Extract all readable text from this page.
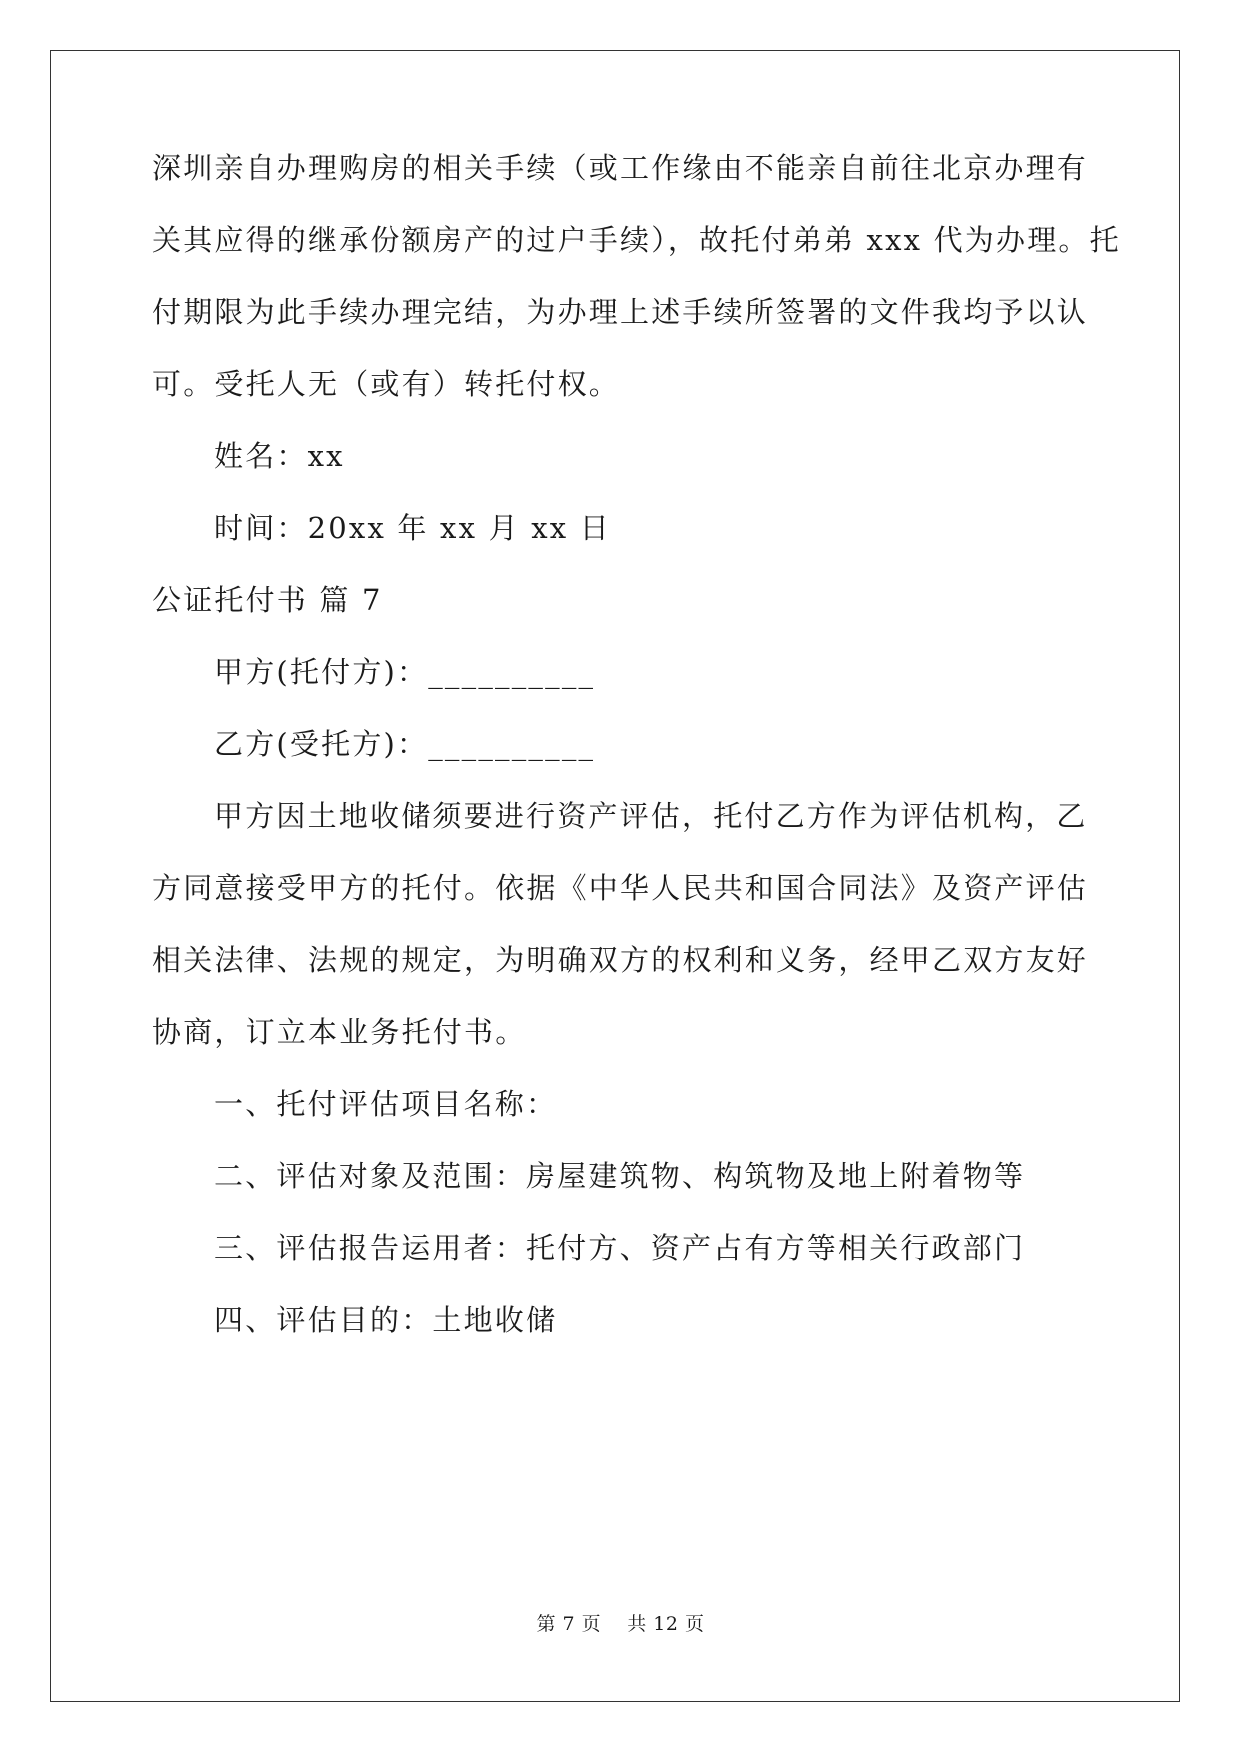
深圳亲自办理购房的相关手续（或工作缘由不能亲自前往北京办理有
关其应得的继承份额房产的过户手续），故托付弟弟 xxx 代为办理。托
付期限为此手续办理完结，为办理上述手续所签署的文件我均予以认
可。受托人无（或有）转托付权。
姓名：xx
时间：20xx 年 xx 月 xx 日
公证托付书 篇 7
甲方(托付方)：__________
乙方(受托方)：__________
甲方因土地收储须要进行资产评估，托付乙方作为评估机构，乙
方同意接受甲方的托付。依据《中华人民共和国合同法》及资产评估
相关法律、法规的规定，为明确双方的权利和义务，经甲乙双方友好
协商，订立本业务托付书。
一、托付评估项目名称：
二、评估对象及范围：房屋建筑物、构筑物及地上附着物等
三、评估报告运用者：托付方、资产占有方等相关行政部门
四、评估目的：土地收储
第 7 页　 共 12 页
